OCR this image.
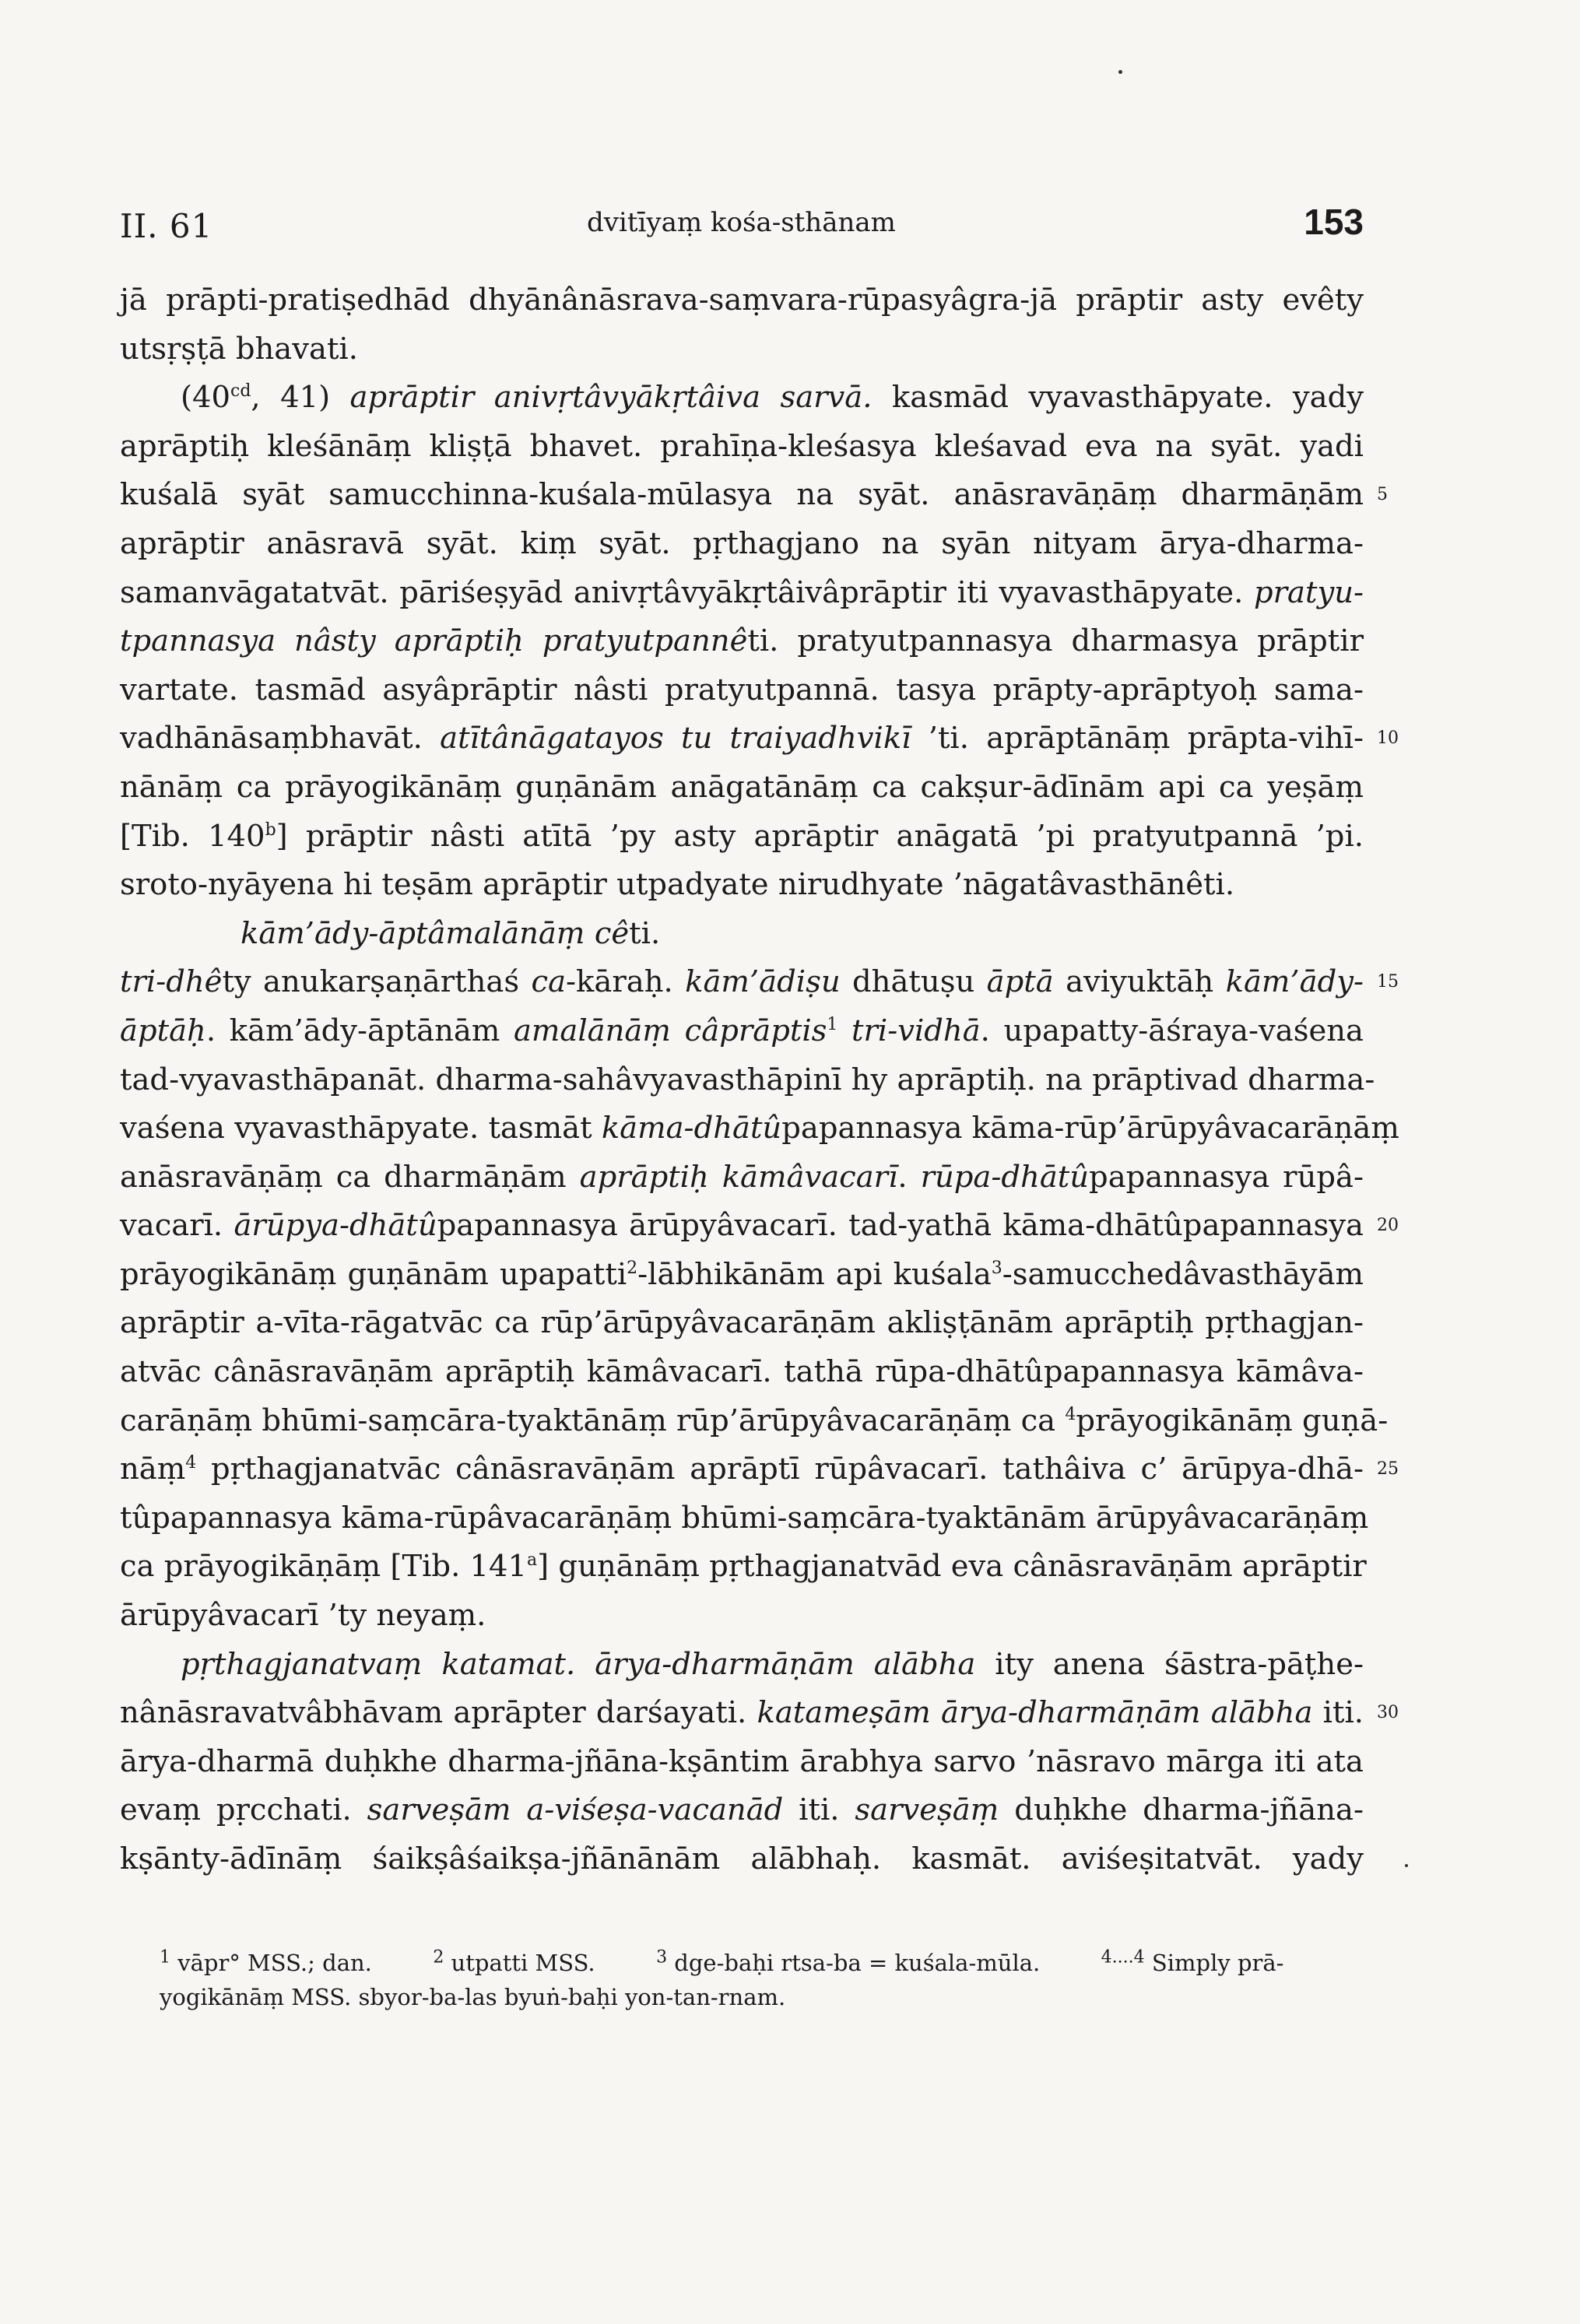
II. 61	dvitīyaṃ kośa-sthānam	153
jā prāpti-pratiṣedhād dhyānânāsrava-saṃvara-rūpasyâgra-jā prāptir asty evêty
utsṛṣṭā bhavati.
($40^{cd}$, 41) aprāptir anivṛtâvyākṛtâiva sarvā. kasmād vyavasthāpyate. yady
aprāptiḥ kleśānāṃ kliṣṭā bhavet. prahīṇa-kleśasya kleśavad eva na syāt. yadi
kuśalā syāt samucchinna-kuśala-mūlasya na syāt. anāsravāṇāṃ dharmāṇām 5
aprāptir anāsravā syāt. kiṃ syāt. pṛthagjano na syān nityam ārya-dharma-
samanvāgatatvāt. pāriśeṣyād anivṛtâvyākṛtâivâprāptir iti vyavasthāpyate. pratyu-
tpannasya nâsty aprāptiḥ pratyutpannêti. pratyutpannasya dharmasya prāptir
vartate. tasmād asyâprāptir nâsti pratyutpannā. tasya prāpty-aprāptyoḥ sama-
vadhānāsaṃbhavāt. atītânāgatayos tu traiyadhvikī ’ti. aprāptānāṃ prāpta-vihī- 10
nānāṃ ca prāyogikānāṃ guṇānām anāgatānāṃ ca cakṣur-ādīnām api ca yeṣāṃ
[Tib. 140$^b$] prāptir nâsti atītā ’py asty aprāptir anāgatā ’pi pratyutpannā ’pi.
sroto-nyāyena hi teṣām aprāptir utpadyate nirudhyate ’nāgatâvasthānêti.
kām’ādy-āptâmalānāṃ cêti.
tri-dhêty anukarṣaṇārthaś ca-kāraḥ. kām’ādiṣu dhātuṣu āptā aviyuktāḥ kām’ādy- 15
āptāḥ. kām’ādy-āptānām amalānāṃ câprāptis$^1$ tri-vidhā. upapatty-āśraya-vaśena
tad-vyavasthāpanāt. dharma-sahâvyavasthāpinī hy aprāptiḥ. na prāptivad dharma-
vaśena vyavasthāpyate. tasmāt kāma-dhātûpapannasya kāma-rūp’ārūpyâvacarāṇāṃ
anāsravāṇāṃ ca dharmāṇām aprāptiḥ kāmâvacarī. rūpa-dhātûpapannasya rūpâ-
vacarī. ārūpya-dhātûpapannasya ārūpyâvacarī. tad-yathā kāma-dhātûpapannasya 20
prāyogikānāṃ guṇānām upapatti$^2$-lābhikānām api kuśala$^3$-samucchedâvasthāyām
aprāptir a-vīta-rāgatvāc ca rūp’ārūpyâvacarāṇām akliṣṭānām aprāptiḥ pṛthagjan-
atvāc cânāsravāṇām aprāptiḥ kāmâvacarī. tathā rūpa-dhātûpapannasya kāmâva-
carāṇāṃ bhūmi-saṃcāra-tyaktānāṃ rūp’ārūpyâvacarāṇāṃ ca $^4$prāyogikānāṃ guṇā-
nāṃ$^4$ pṛthagjanatvāc cânāsravāṇām aprāptī rūpâvacarī. tathâiva c’ ārūpya-dhā- 25
tûpapannasya kāma-rūpâvacarāṇāṃ bhūmi-saṃcāra-tyaktānām ārūpyâvacarāṇāṃ
ca prāyogikāṇāṃ [Tib. 141$^a$] guṇānāṃ pṛthagjanatvād eva cânāsravāṇām aprāptir
ārūpyâvacarī ’ty neyaṃ.
pṛthagjanatvaṃ katamat. ārya-dharmāṇām alābha ity anena śāstra-pāṭhe-
nânāsravatvâbhāvam aprāpter darśayati. katameṣām ārya-dharmāṇām alābha iti. 30
ārya-dharmā duḥkhe dharma-jñāna-kṣāntim ārabhya sarvo ’nāsravo mārga iti ata
evaṃ pṛcchati. sarveṣām a-viśeṣa-vacanād iti. sarveṣāṃ duḥkhe dharma-jñāna-
kṣānty-ādīnāṃ śaikṣâśaikṣa-jñānānām alābhaḥ. kasmāt. aviśeṣitatvāt. yady
$^1$ vāpr° MSS.; dan.	$^2$ utpatti MSS.	$^3$ dge-baḥi rtsa-ba = kuśala-mūla.	$^{4....4}$ Simply prā-
yogikānāṃ MSS. sbyor-ba-las byuṅ-baḥi yon-tan-rnam.
